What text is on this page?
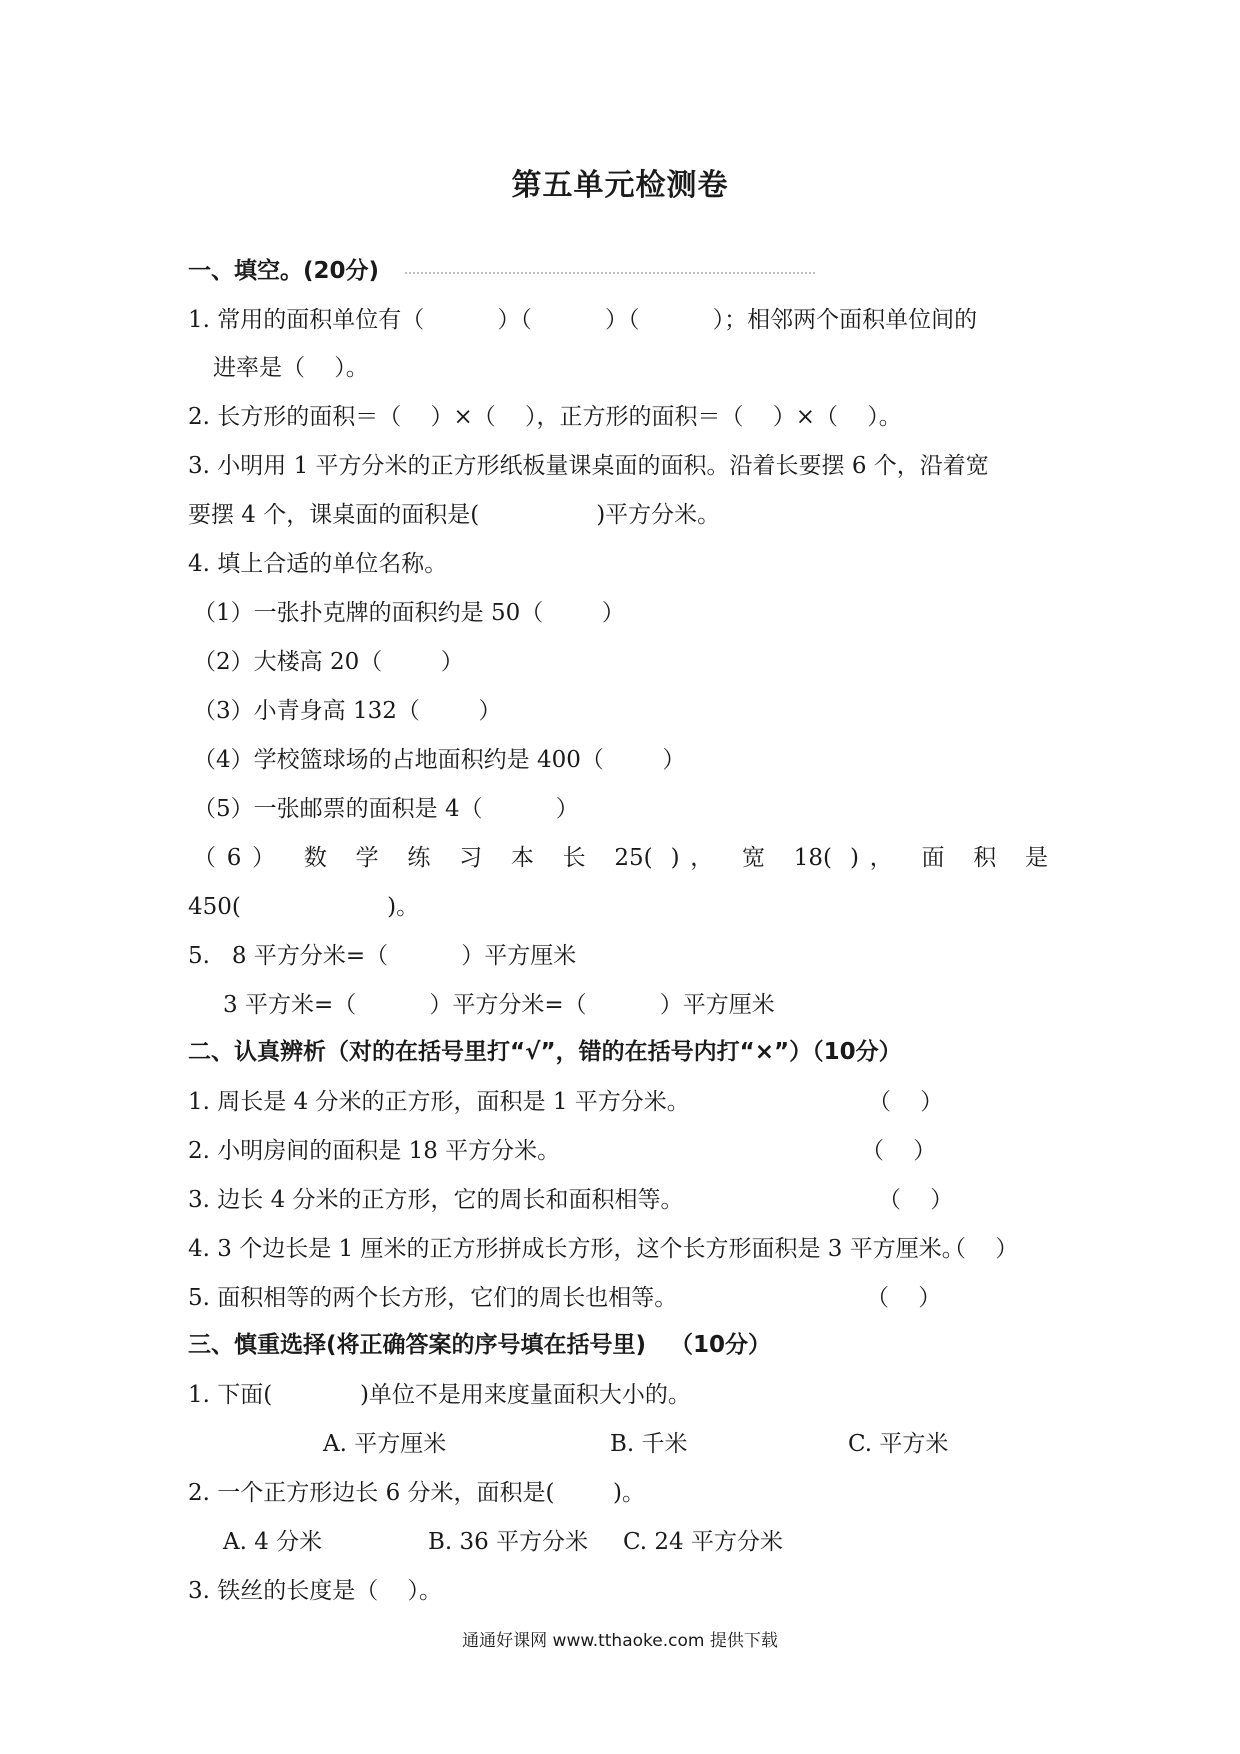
第五单元检测卷
一、填空。(20分)
1. 常用的面积单位有（          ）（          ）（          ）；相邻两个面积单位间的
进率是（    ）。
2. 长方形的面积＝（    ）×（    ），正方形的面积＝（    ）×（    ）。
3. 小明用 1 平方分米的正方形纸板量课桌面的面积。沿着长要摆 6 个，沿着宽
要摆 4 个，课桌面的面积是(                )平方分米。
4. 填上合适的单位名称。
（1）一张扑克牌的面积约是 50（        ）
（2）大楼高 20（        ）
（3）小青身高 132（        ）
（4）学校篮球场的占地面积约是 400（        ）
（5）一张邮票的面积是 4（          ）
（6） 数 学 练 习 本 长 25( )， 宽 18( )， 面 积 是
450(                    )。
5.   8 平方分米=（          ）平方厘米
3 平方米=（          ）平方分米=（          ）平方厘米
二、认真辨析（对的在括号里打“√”，错的在括号内打“×”）（10分）
1. 周长是 4 分米的正方形，面积是 1 平方分米。	（    ）
2. 小明房间的面积是 18 平方分米。	（    ）
3. 边长 4 分米的正方形，它的周长和面积相等。	（    ）
4. 3 个边长是 1 厘米的正方形拼成长方形，这个长方形面积是 3 平方厘米。
（    ）
5. 面积相等的两个长方形，它们的周长也相等。	（    ）
三、慎重选择(将正确答案的序号填在括号里)   （10分）
1. 下面(            )单位不是用来度量面积大小的。
A. 平方厘米	B. 千米	C. 平方米
2. 一个正方形边长 6 分米，面积是(        )。
A. 4 分米	B. 36 平方分米 C. 24 平方分米
3. 铁丝的长度是（    ）。
通通好课网 www.tthaoke.com 提供下载
